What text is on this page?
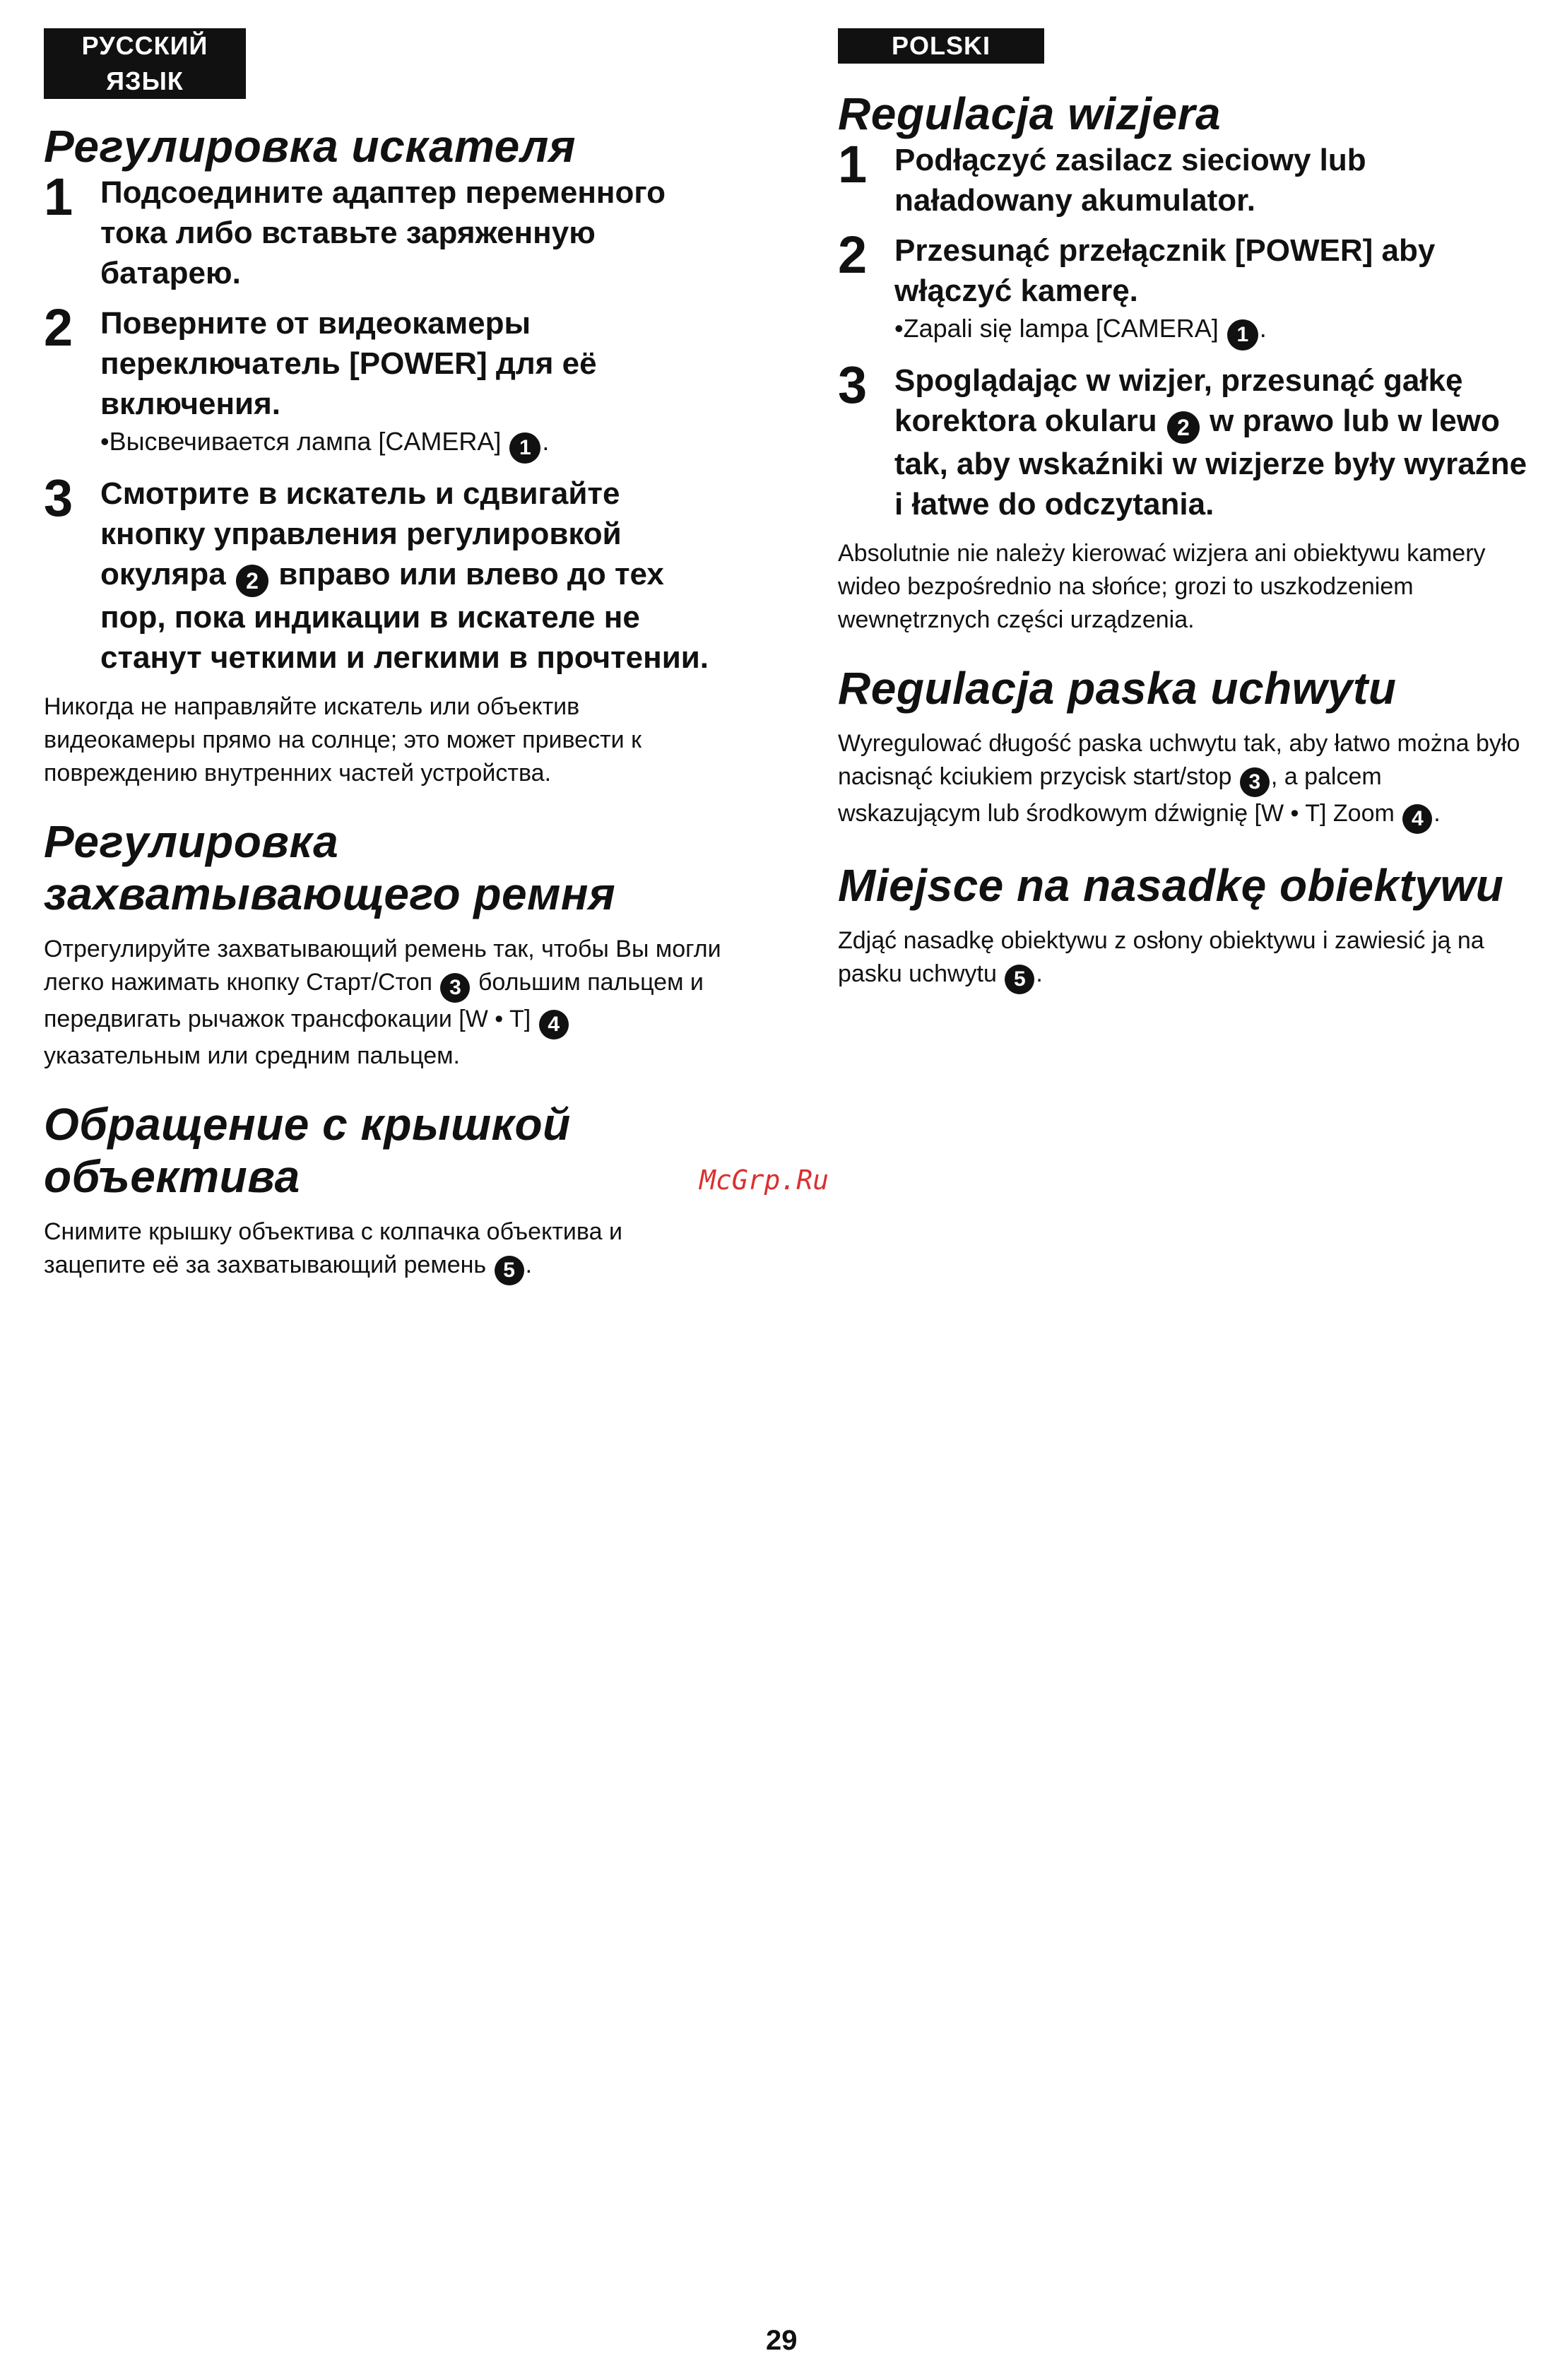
РУССКИЙ ЯЗЫК
Регулировка искателя
1 Подсоедините адаптер переменного тока либо вставьте заряженную батарею.
2 Поверните от видеокамеры переключатель [POWER] для её включения.
•Высвечивается лампа [CAMERA] 1 .
3 Смотрите в искатель и сдвигайте кнопку управления регулировкой окуляра 2 вправо или влево до тех пор, пока индикации в искателе не станут четкими и легкими в прочтении.

Никогда не направляйте искатель или объектив видеокамеры прямо на солнце; это может привести к повреждению внутренних частей устройства.

Регулировка захватывающего ремня

Отрегулируйте захватывающий ремень так, чтобы Вы могли легко нажимать кнопку Старт/Стоп 3 большим пальцем и передвигать рычажок трансфокации [W • T] 4 указательным или средним пальцем.

Обращение с крышкой объектива

Снимите крышку объектива с колпачка объектива и зацепите её за захватывающий ремень 5 .

POLSKI
Regulacja wizjera
1 Podłączyć zasilacz sieciowy lub naładowany akumulator.
2 Przesunąć przełącznik [POWER] aby włączyć kamerę.
•Zapali się lampa [CAMERA] 1 .
3 Spoglądając w wizjer, przesunąć gałkę korektora okularu 2 w prawo lub w lewo tak, aby wskaźniki w wizjerze były wyraźne i łatwe do odczytania.

Absolutnie nie należy kierować wizjera ani obiektywu kamery wideo bezpośrednio na słońce; grozi to uszkodzeniem wewnętrznych części urządzenia.

Regulacja paska uchwytu

Wyregulować długość paska uchwytu tak, aby łatwo można było nacisnąć kciukiem przycisk start/stop 3 , a palcem wskazującym lub środkowym dźwignię [W • T] Zoom 4 .

Miejsce na nasadkę obiektywu

Zdjąć nasadkę obiektywu z osłony obiektywu i zawiesić ją na pasku uchwytu 5 .

McGrp.Ru
29
